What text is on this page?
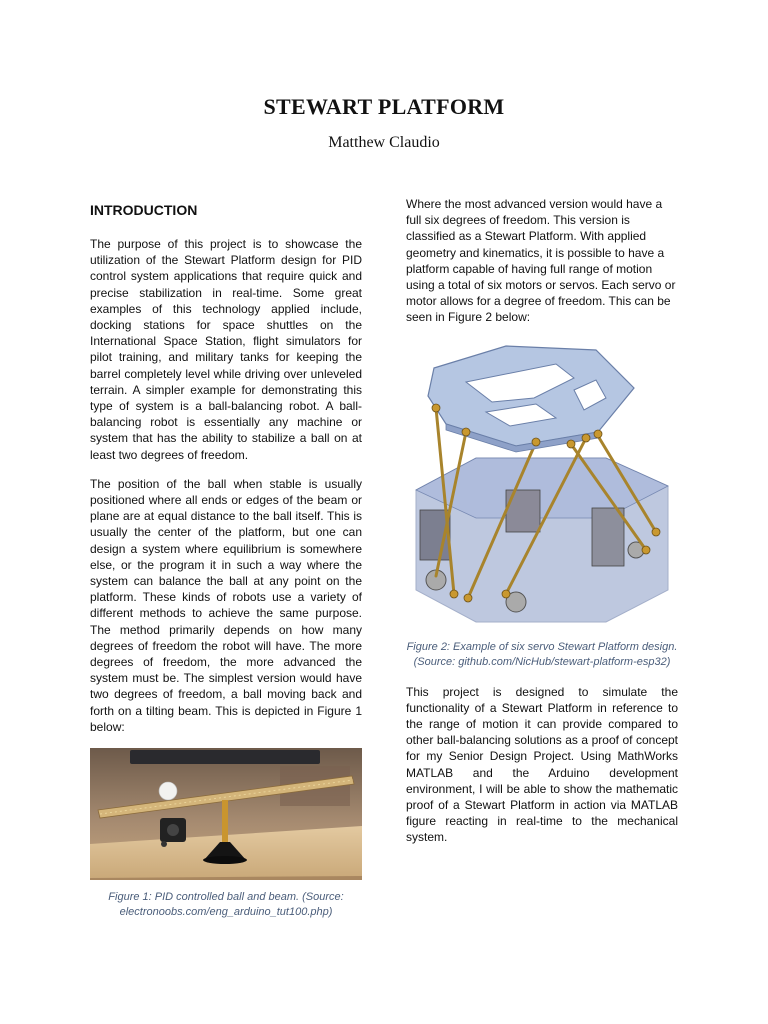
STEWART PLATFORM
Matthew Claudio
INTRODUCTION

The purpose of this project is to showcase the utilization of the Stewart Platform design for PID control system applications that require quick and precise stabilization in real-time. Some great examples of this technology applied include, docking stations for space shuttles on the International Space Station, flight simulators for pilot training, and military tanks for keeping the barrel completely level while driving over unleveled terrain. A simpler example for demonstrating this type of system is a ball-balancing robot. A ball-balancing robot is essentially any machine or system that has the ability to stabilize a ball on at least two degrees of freedom.

The position of the ball when stable is usually positioned where all ends or edges of the beam or plane are at equal distance to the ball itself. This is usually the center of the platform, but one can design a system where equilibrium is somewhere else, or the program it in such a way where the system can balance the ball at any point on the platform. These kinds of robots use a variety of different methods to achieve the same purpose. The method primarily depends on how many degrees of freedom the robot will have. The more degrees of freedom, the more advanced the system must be. The simplest version would have two degrees of freedom, a ball moving back and forth on a tilting beam. This is depicted in Figure 1 below:

Figure 1: PID controlled ball and beam. (Source: electronoobs.com/eng_arduino_tut100.php)

Where the most advanced version would have a full six degrees of freedom. This version is classified as a Stewart Platform. With applied geometry and kinematics, it is possible to have a platform capable of having full range of motion using a total of six motors or servos. Each servo or motor allows for a degree of freedom. This can be seen in Figure 2 below:

Figure 2: Example of six servo Stewart Platform design. (Source: github.com/NicHub/stewart-platform-esp32)

This project is designed to simulate the functionality of a Stewart Platform in reference to the range of motion it can provide compared to other ball-balancing solutions as a proof of concept for my Senior Design Project. Using MathWorks MATLAB and the Arduino development environment, I will be able to show the mathematic proof of a Stewart Platform in action via MATLAB figure reacting in real-time to the mechanical system.
